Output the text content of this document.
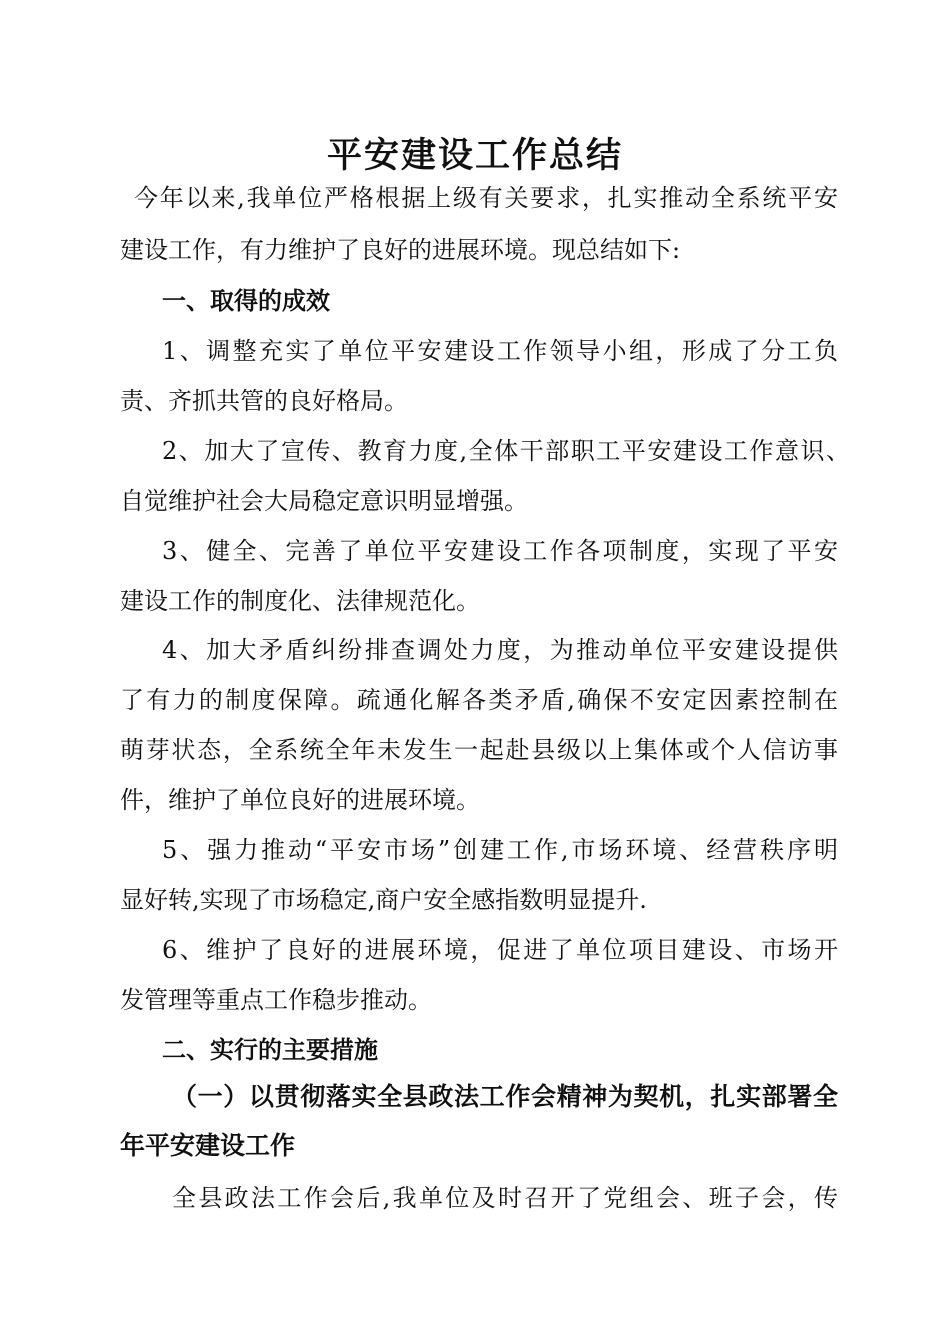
平安建设工作总结
今年以来,我单位严格根据上级有关要求，扎实推动全系统平安
建设工作，有力维护了良好的进展环境。现总结如下:
一、取得的成效
1、调整充实了单位平安建设工作领导小组，形成了分工负
责、齐抓共管的良好格局。
2、加大了宣传、教育力度,全体干部职工平安建设工作意识、
自觉维护社会大局稳定意识明显增强。
3、健全、完善了单位平安建设工作各项制度，实现了平安
建设工作的制度化、法律规范化。
4、加大矛盾纠纷排查调处力度，为推动单位平安建设提供
了有力的制度保障。疏通化解各类矛盾,确保不安定因素控制在
萌芽状态，全系统全年未发生一起赴县级以上集体或个人信访事
件，维护了单位良好的进展环境。
5、强力推动“平安市场”创建工作,市场环境、经营秩序明
显好转,实现了市场稳定,商户安全感指数明显提升.
6、维护了良好的进展环境，促进了单位项目建设、市场开
发管理等重点工作稳步推动。
二、实行的主要措施
（一）以贯彻落实全县政法工作会精神为契机，扎实部署全
年平安建设工作
全县政法工作会后,我单位及时召开了党组会、班子会，传
